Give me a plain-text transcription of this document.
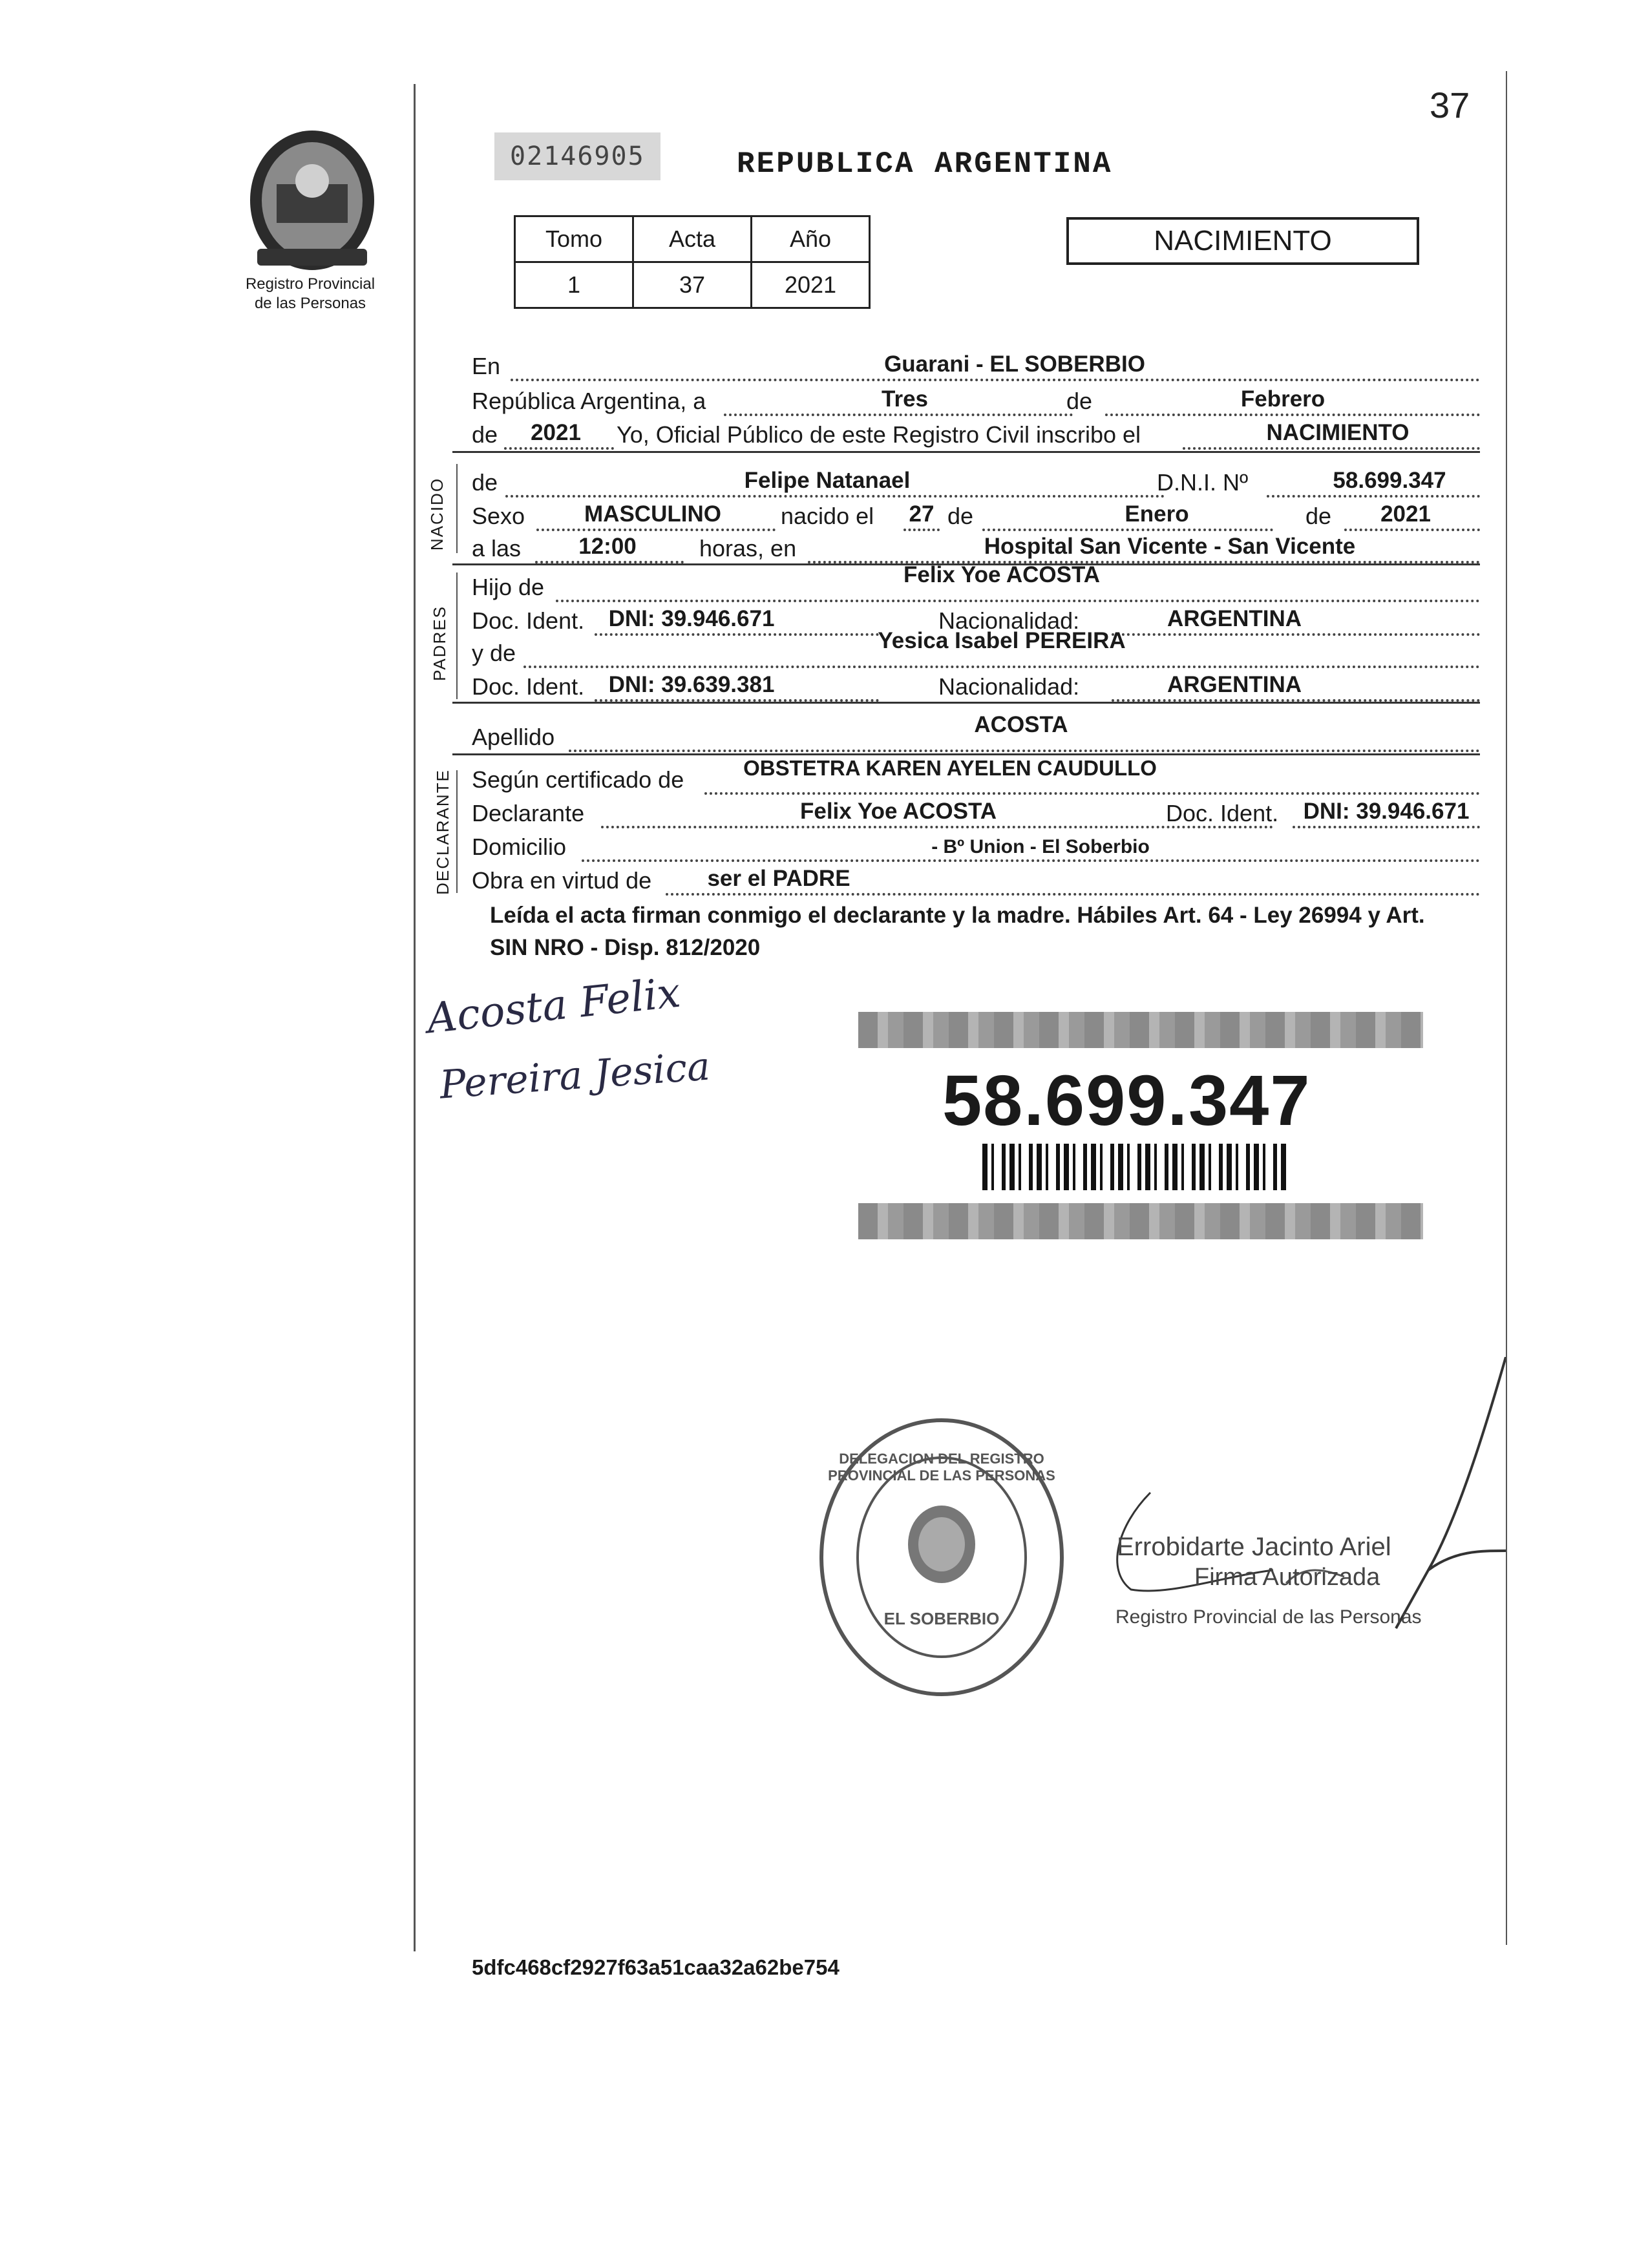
37
Registro Provincial
de las Personas
02146905	REPUBLICA ARGENTINA
Tomo	Acta	Año
1	37	2021
NACIMIENTO
En	Guarani - EL SOBERBIO
República Argentina, a	Tres	de	Febrero
de 2021 Yo, Oficial Público de este Registro Civil inscribo el	NACIMIENTO
NACIDO de	Felipe Natanael	D.N.I. Nº	58.699.347
Sexo	MASCULINO	nacido el 27 de	Enero	de 2021
a las	12:00	horas, en	Hospital San Vicente - San Vicente
PADRES
Hijo de	Felix Yoe ACOSTA
Doc. Ident. DNI: 39.946.671	Nacionalidad:	ARGENTINA
y de	Yesica Isabel PEREIRA
Doc. Ident. DNI: 39.639.381	Nacionalidad:	ARGENTINA
Apellido	ACOSTA
DECLARANTE Según certificado de	OBSTETRA KAREN AYELEN CAUDULLO
Declarante	Felix Yoe ACOSTA	Doc. Ident. DNI: 39.946.671
Domicilio	- Bº Union - El Soberbio
Obra en virtud de ser el PADRE
Leída el acta firman conmigo el declarante y la madre. Hábiles Art. 64 - Ley 26994 y Art. SIN NRO - Disp. 812/2020
Acosta Felix
Pereira Jesica	58.699.347
DELEGACION DEL REGISTRO PROVINCIAL DE LAS PERSONAS
EL SOBERBIO
Errobidarte Jacinto Ariel
Firma Autorizada
Registro Provincial de las Personas
5dfc468cf2927f63a51caa32a62be754
